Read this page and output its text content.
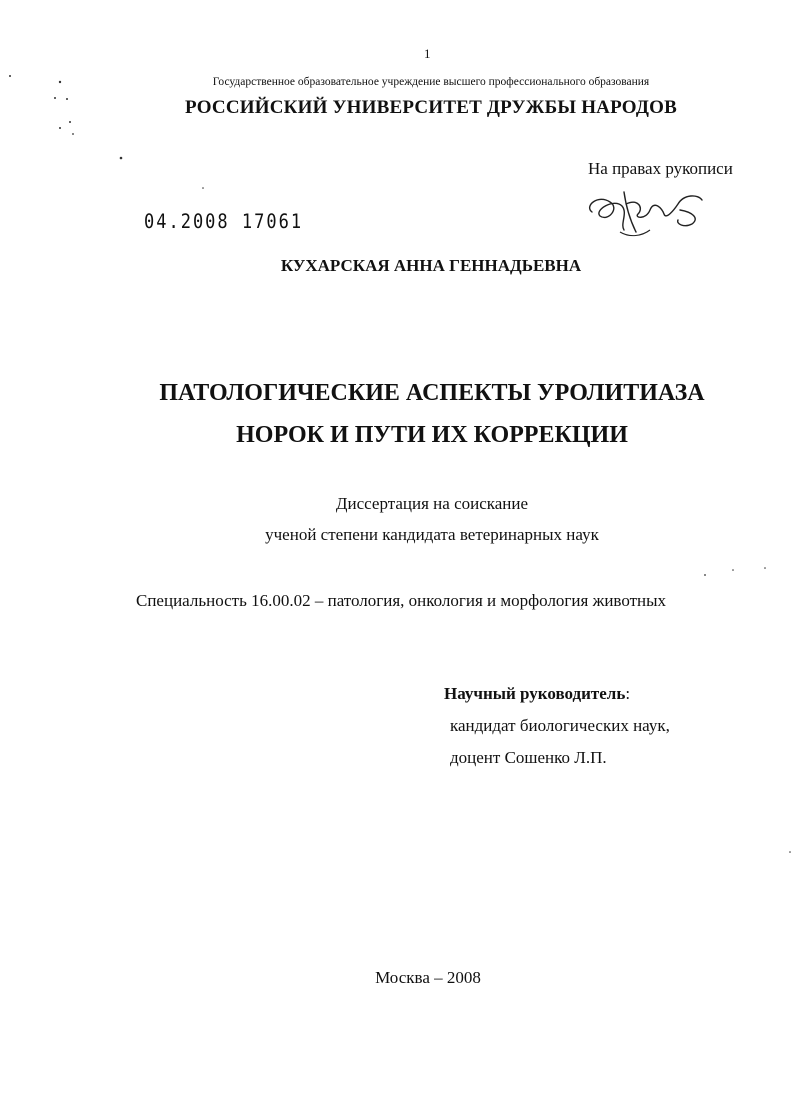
1
Государственное образовательное учреждение высшего профессионального образования
РОССИЙСКИЙ УНИВЕРСИТЕТ ДРУЖБЫ НАРОДОВ
На правах рукописи
04.2008 17061
КУХАРСКАЯ АННА ГЕННАДЬЕВНА
ПАТОЛОГИЧЕСКИЕ АСПЕКТЫ УРОЛИТИАЗА
НОРОК И ПУТИ ИХ КОРРЕКЦИИ
Диссертация на соискание
ученой степени кандидата ветеринарных наук
Специальность 16.00.02 – патология, онкология и морфология животных
Научный руководитель:
кандидат биологических наук,
доцент Сошенко Л.П.
Москва – 2008
